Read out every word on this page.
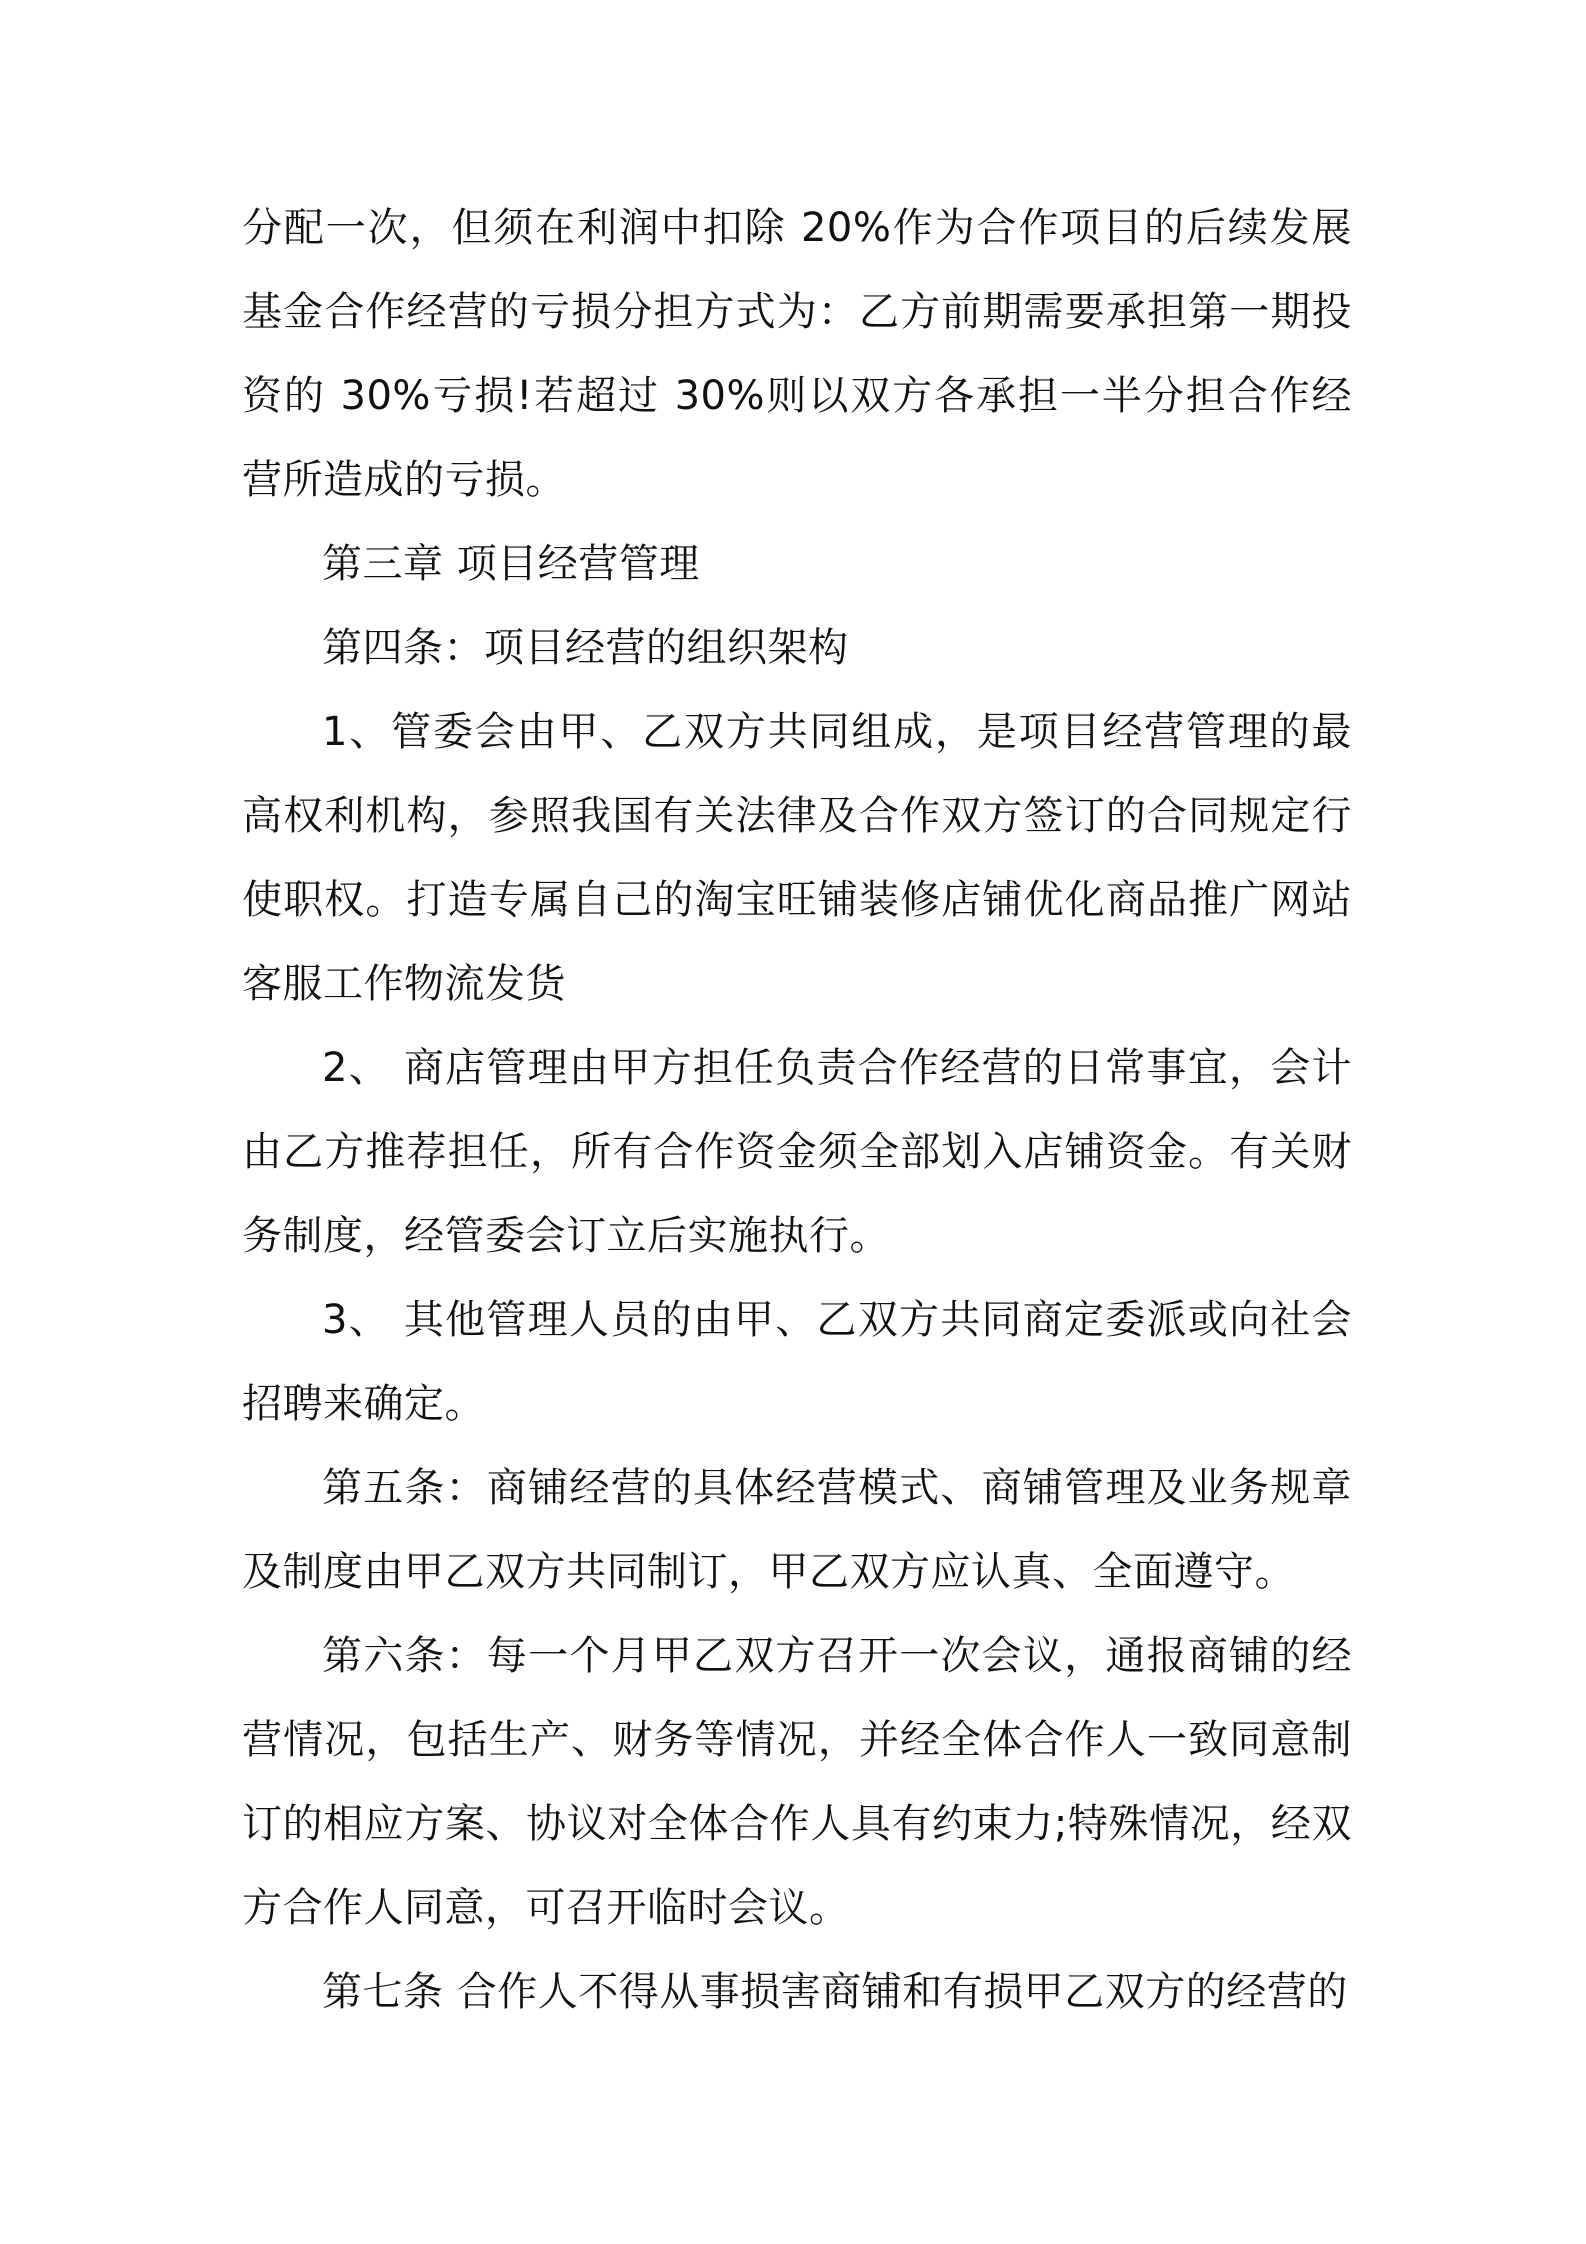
分配一次，但须在利润中扣除 20%作为合作项目的后续发展基金合作经营的亏损分担方式为：乙方前期需要承担第一期投资的 30%亏损!若超过 30%则以双方各承担一半分担合作经营所造成的亏损。

第三章 项目经营管理

第四条：项目经营的组织架构

1、管委会由甲、乙双方共同组成，是项目经营管理的最高权利机构，参照我国有关法律及合作双方签订的合同规定行使职权。打造专属自己的淘宝旺铺装修店铺优化商品推广网站客服工作物流发货

2、 商店管理由甲方担任负责合作经营的日常事宜，会计由乙方推荐担任，所有合作资金须全部划入店铺资金。有关财务制度，经管委会订立后实施执行。

3、 其他管理人员的由甲、乙双方共同商定委派或向社会招聘来确定。

第五条：商铺经营的具体经营模式、商铺管理及业务规章及制度由甲乙双方共同制订，甲乙双方应认真、全面遵守。

第六条：每一个月甲乙双方召开一次会议，通报商铺的经营情况，包括生产、财务等情况，并经全体合作人一致同意制订的相应方案、协议对全体合作人具有约束力;特殊情况，经双方合作人同意，可召开临时会议。

第七条 合作人不得从事损害商铺和有损甲乙双方的经营的
